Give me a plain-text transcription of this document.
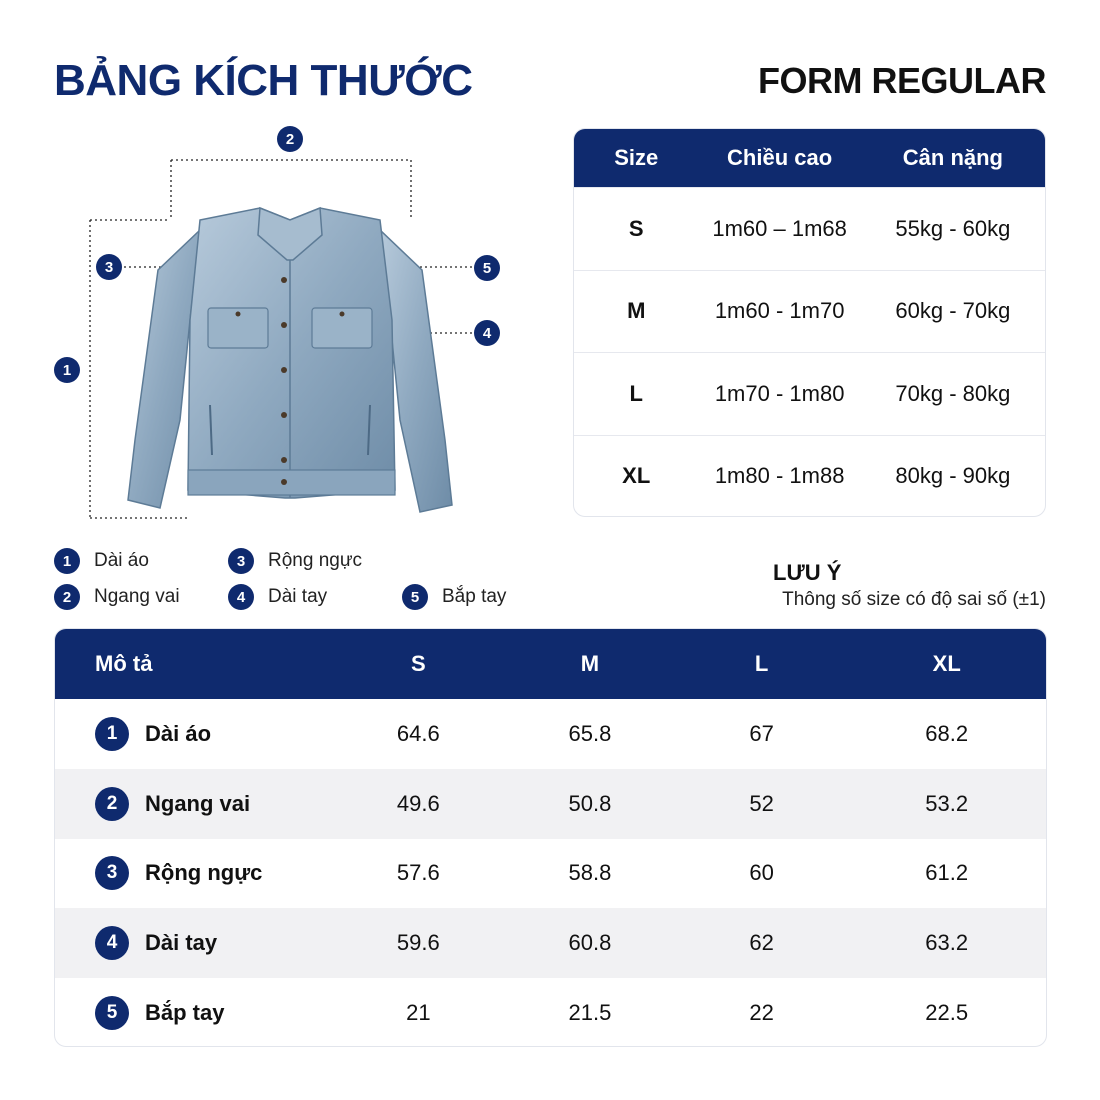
BẢNG KÍCH THƯỚC	FORM REGULAR
1
2
3
4
5
Size	Chiều cao	Cân nặng
S	1m60 – 1m68	55kg - 60kg
M	1m60 - 1m70	60kg - 70kg
L	1m70 - 1m80	70kg - 80kg
XL	1m80 - 1m88	80kg - 90kg
1	Dài áo	3	Rộng ngực
2	Ngang vai	4	Dài tay	5	Bắp tay
LƯU Ý
Thông số size có độ sai số (±1)
Mô tả	S	M	L	XL
1	Dài áo	64.6	65.8	67	68.2
2	Ngang vai	49.6	50.8	52	53.2
3	Rộng ngực	57.6	58.8	60	61.2
4	Dài tay	59.6	60.8	62	63.2
5	Bắp tay	21	21.5	22	22.5
